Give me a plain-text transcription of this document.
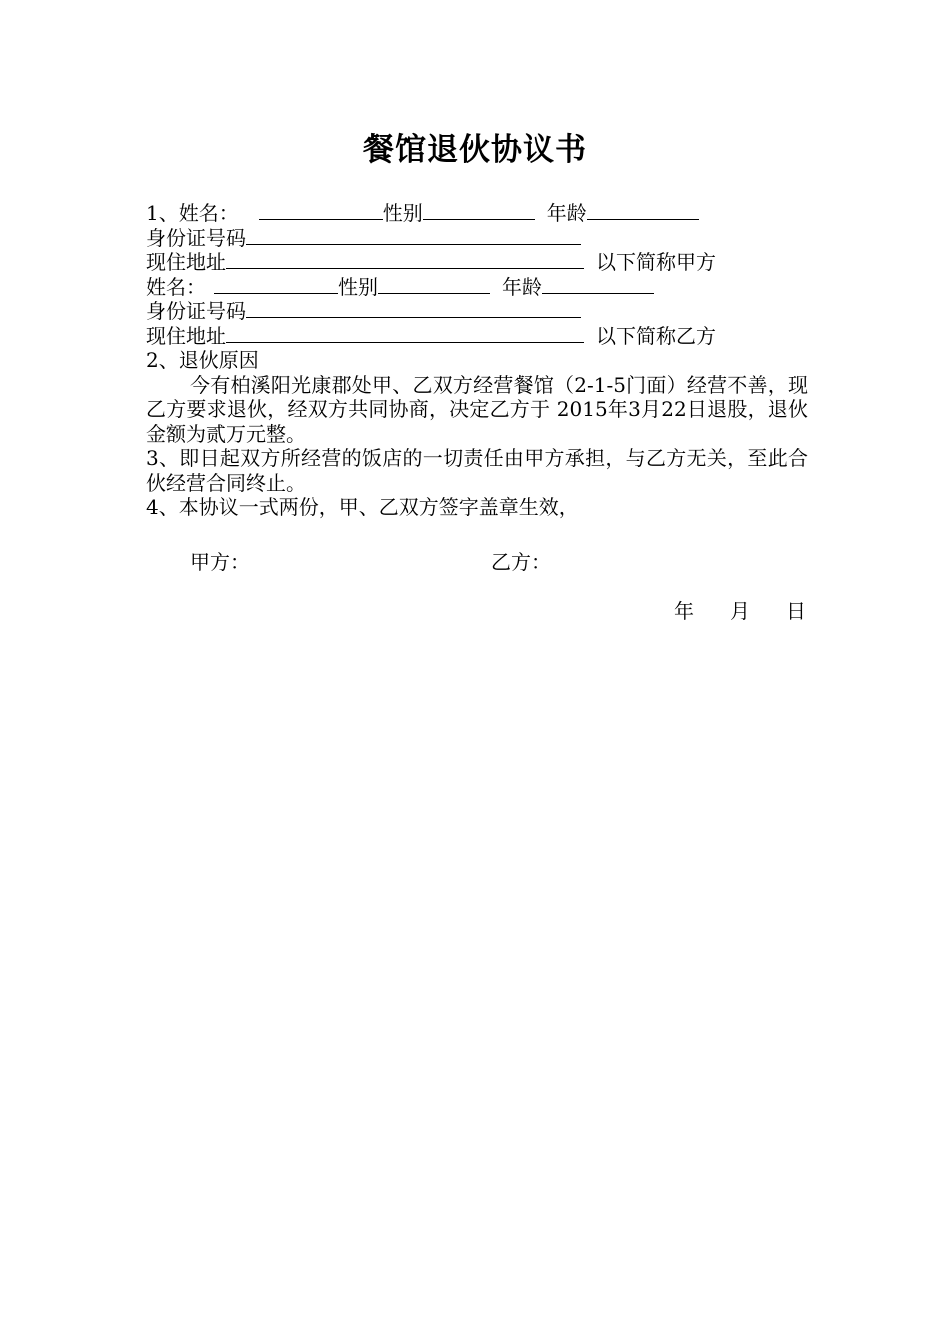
餐馆退伙协议书
1、姓名：	性别	年龄
身份证号码
现住地址	以下简称甲方
姓名：	性别	年龄
身份证号码
现住地址	以下简称乙方
2、退伙原因
今有柏溪阳光康郡处甲、乙双方经营餐馆（2-1-5门面）经营不善，现乙方要求退伙，经双方共同协商，决定乙方于 2015年3月22日退股，退伙金额为贰万元整。
3、即日起双方所经营的饭店的一切责任由甲方承担，与乙方无关，至此合伙经营合同终止。
4、本协议一式两份，甲、乙双方签字盖章生效，
甲方：	乙方：
年 月 日
